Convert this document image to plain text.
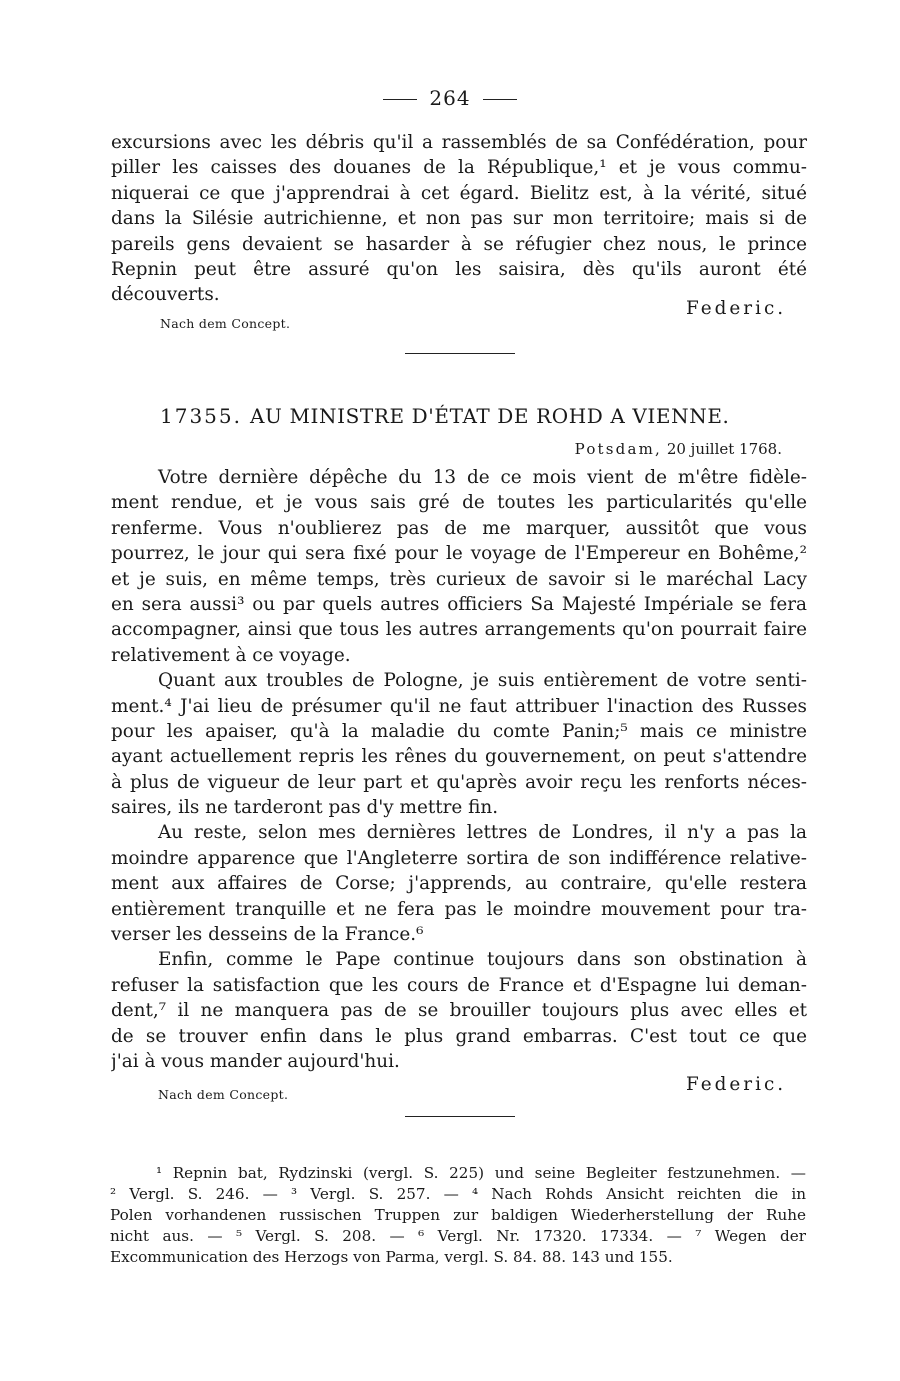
264
excursions avec les débris qu'il a rassemblés de sa Confédération, pour
piller les caisses des douanes de la République,¹ et je vous commu-
niquerai ce que j'apprendrai à cet égard. Bielitz est, à la vérité, situé
dans la Silésie autrichienne, et non pas sur mon territoire; mais si de
pareils gens devaient se hasarder à se réfugier chez nous, le prince
Repnin peut être assuré qu'on les saisira, dès qu'ils auront été
découverts.
Federic.
Nach dem Concept.
17355. AU MINISTRE D'ÉTAT DE ROHD A VIENNE.
Potsdam, 20 juillet 1768.
Votre dernière dépêche du 13 de ce mois vient de m'être fidèle-
ment rendue, et je vous sais gré de toutes les particularités qu'elle
renferme. Vous n'oublierez pas de me marquer, aussitôt que vous
pourrez, le jour qui sera fixé pour le voyage de l'Empereur en Bohême,²
et je suis, en même temps, très curieux de savoir si le maréchal Lacy
en sera aussi³ ou par quels autres officiers Sa Majesté Impériale se fera
accompagner, ainsi que tous les autres arrangements qu'on pourrait faire
relativement à ce voyage.
Quant aux troubles de Pologne, je suis entièrement de votre senti-
ment.⁴ J'ai lieu de présumer qu'il ne faut attribuer l'inaction des Russes
pour les apaiser, qu'à la maladie du comte Panin;⁵ mais ce ministre
ayant actuellement repris les rênes du gouvernement, on peut s'attendre
à plus de vigueur de leur part et qu'après avoir reçu les renforts néces-
saires, ils ne tarderont pas d'y mettre fin.
Au reste, selon mes dernières lettres de Londres, il n'y a pas la
moindre apparence que l'Angleterre sortira de son indifférence relative-
ment aux affaires de Corse; j'apprends, au contraire, qu'elle restera
entièrement tranquille et ne fera pas le moindre mouvement pour tra-
verser les desseins de la France.⁶
Enfin, comme le Pape continue toujours dans son obstination à
refuser la satisfaction que les cours de France et d'Espagne lui deman-
dent,⁷ il ne manquera pas de se brouiller toujours plus avec elles et
de se trouver enfin dans le plus grand embarras. C'est tout ce que
j'ai à vous mander aujourd'hui.
Nach dem Concept.	Federic.
¹ Repnin bat, Rydzinski (vergl. S. 225) und seine Begleiter festzunehmen. —
² Vergl. S. 246. — ³ Vergl. S. 257. — ⁴ Nach Rohds Ansicht reichten die in
Polen vorhandenen russischen Truppen zur baldigen Wiederherstellung der Ruhe
nicht aus. — ⁵ Vergl. S. 208. — ⁶ Vergl. Nr. 17320. 17334. — ⁷ Wegen der
Excommunication des Herzogs von Parma, vergl. S. 84. 88. 143 und 155.
